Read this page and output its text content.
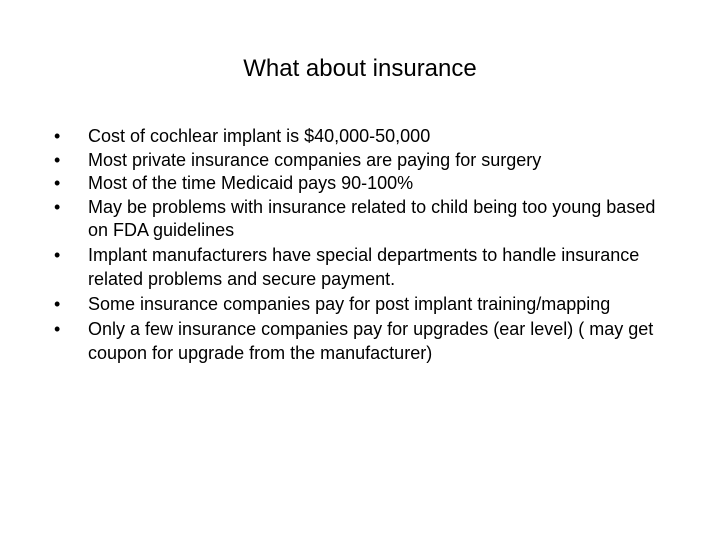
What about insurance
•	Cost of cochlear implant is $40,000-50,000
•	Most private insurance companies are paying for surgery
•	Most of the time Medicaid pays 90-100%
•	May be problems with insurance related to child being too young based on FDA guidelines
•	Implant manufacturers have special departments to handle insurance related problems and secure payment.
•	Some insurance companies pay for post implant training/mapping
•	Only a few insurance companies pay for upgrades (ear level) ( may get coupon for upgrade from the manufacturer)
